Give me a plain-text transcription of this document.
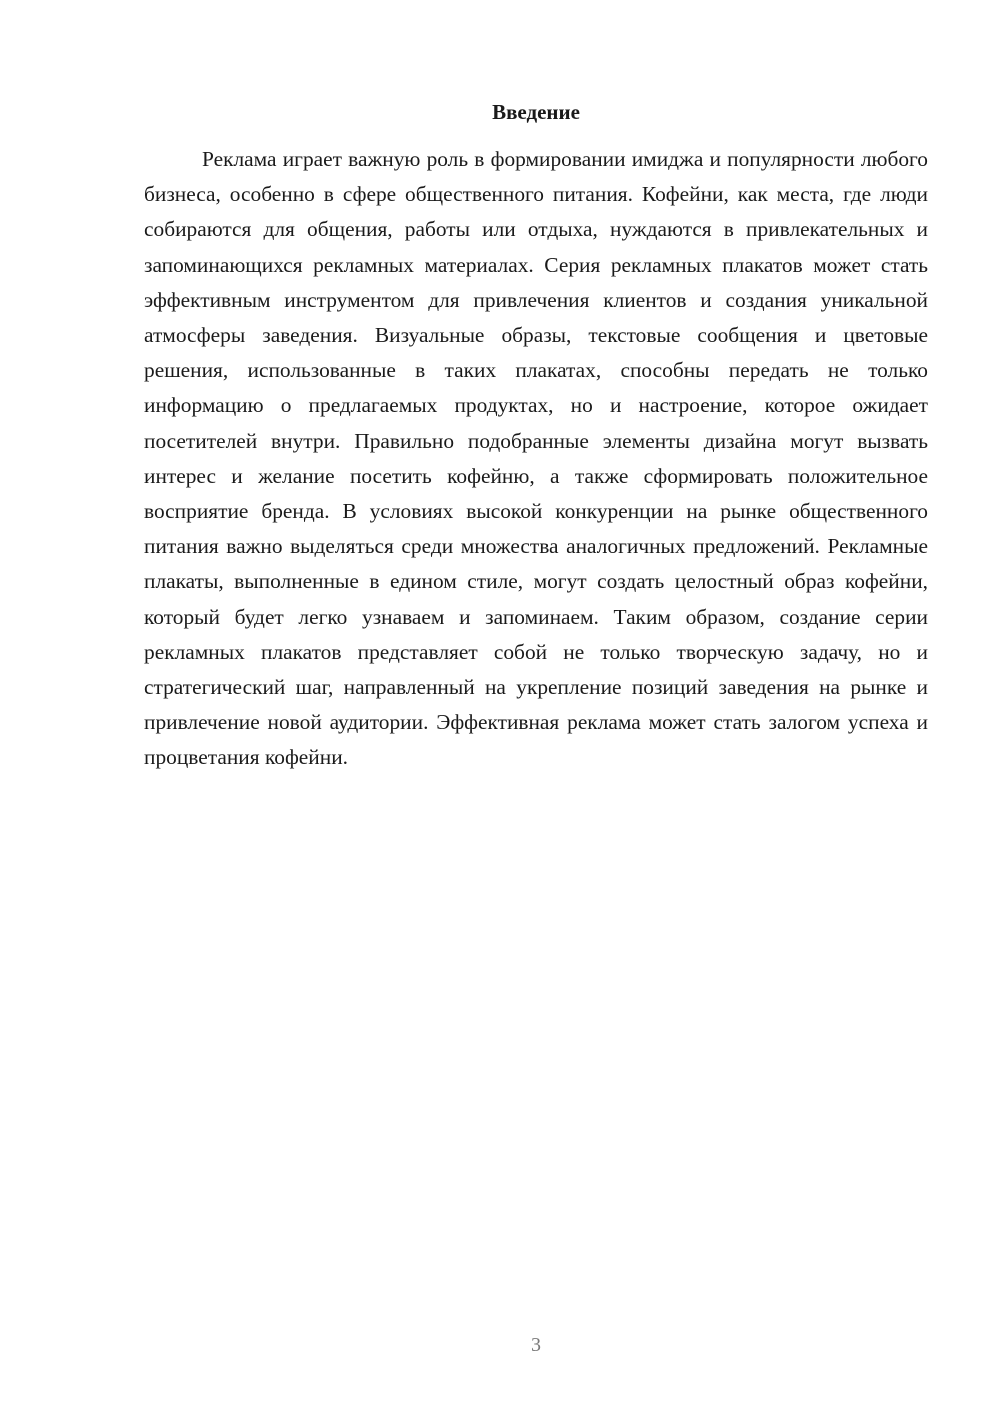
Введение

Реклама играет важную роль в формировании имиджа и популярности любого бизнеса, особенно в сфере общественного питания. Кофейни, как места, где люди собираются для общения, работы или отдыха, нуждаются в привлекательных и запоминающихся рекламных материалах. Серия рекламных плакатов может стать эффективным инструментом для привлечения клиентов и создания уникальной атмосферы заведения. Визуальные образы, текстовые сообщения и цветовые решения, использованные в таких плакатах, способны передать не только информацию о предлагаемых продуктах, но и настроение, которое ожидает посетителей внутри. Правильно подобранные элементы дизайна могут вызвать интерес и желание посетить кофейню, а также сформировать положительное восприятие бренда. В условиях высокой конкуренции на рынке общественного питания важно выделяться среди множества аналогичных предложений. Рекламные плакаты, выполненные в едином стиле, могут создать целостный образ кофейни, который будет легко узнаваем и запоминаем. Таким образом, создание серии рекламных плакатов представляет собой не только творческую задачу, но и стратегический шаг, направленный на укрепление позиций заведения на рынке и привлечение новой аудитории. Эффективная реклама может стать залогом успеха и процветания кофейни.

3
